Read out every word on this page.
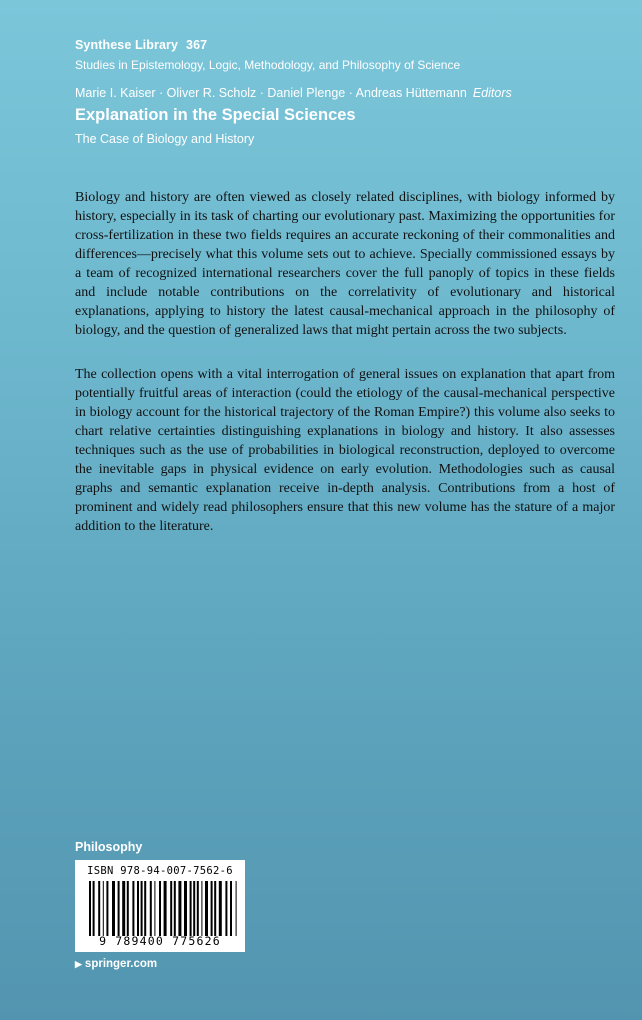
Synthese Library 367
Studies in Epistemology, Logic, Methodology, and Philosophy of Science
Marie I. Kaiser · Oliver R. Scholz · Daniel Plenge · Andreas Hüttemann Editors
Explanation in the Special Sciences
The Case of Biology and History

Biology and history are often viewed as closely related disciplines, with biology informed by history, especially in its task of charting our evolutionary past. Maximizing the opportunities for cross-fertilization in these two fields requires an accurate reckoning of their commonalities and differences—precisely what this volume sets out to achieve. Specially commissioned essays by a team of recognized international researchers cover the full panoply of topics in these fields and include notable contributions on the correlativity of evolutionary and historical explanations, applying to history the latest causal-mechanical approach in the philosophy of biology, and the question of generalized laws that might pertain across the two subjects.

The collection opens with a vital interrogation of general issues on explanation that apart from potentially fruitful areas of interaction (could the etiology of the causal-mechanical perspective in biology account for the historical trajectory of the Roman Empire?) this volume also seeks to chart relative certainties distinguishing explanations in biology and history. It also assesses techniques such as the use of probabilities in biological reconstruction, deployed to overcome the inevitable gaps in physical evidence on early evolution. Methodologies such as causal graphs and semantic explanation receive in-depth analysis. Contributions from a host of prominent and widely read philosophers ensure that this new volume has the stature of a major addition to the literature.

Philosophy
ISBN 978-94-007-7562-6
9 789400 775626
▶ springer.com
